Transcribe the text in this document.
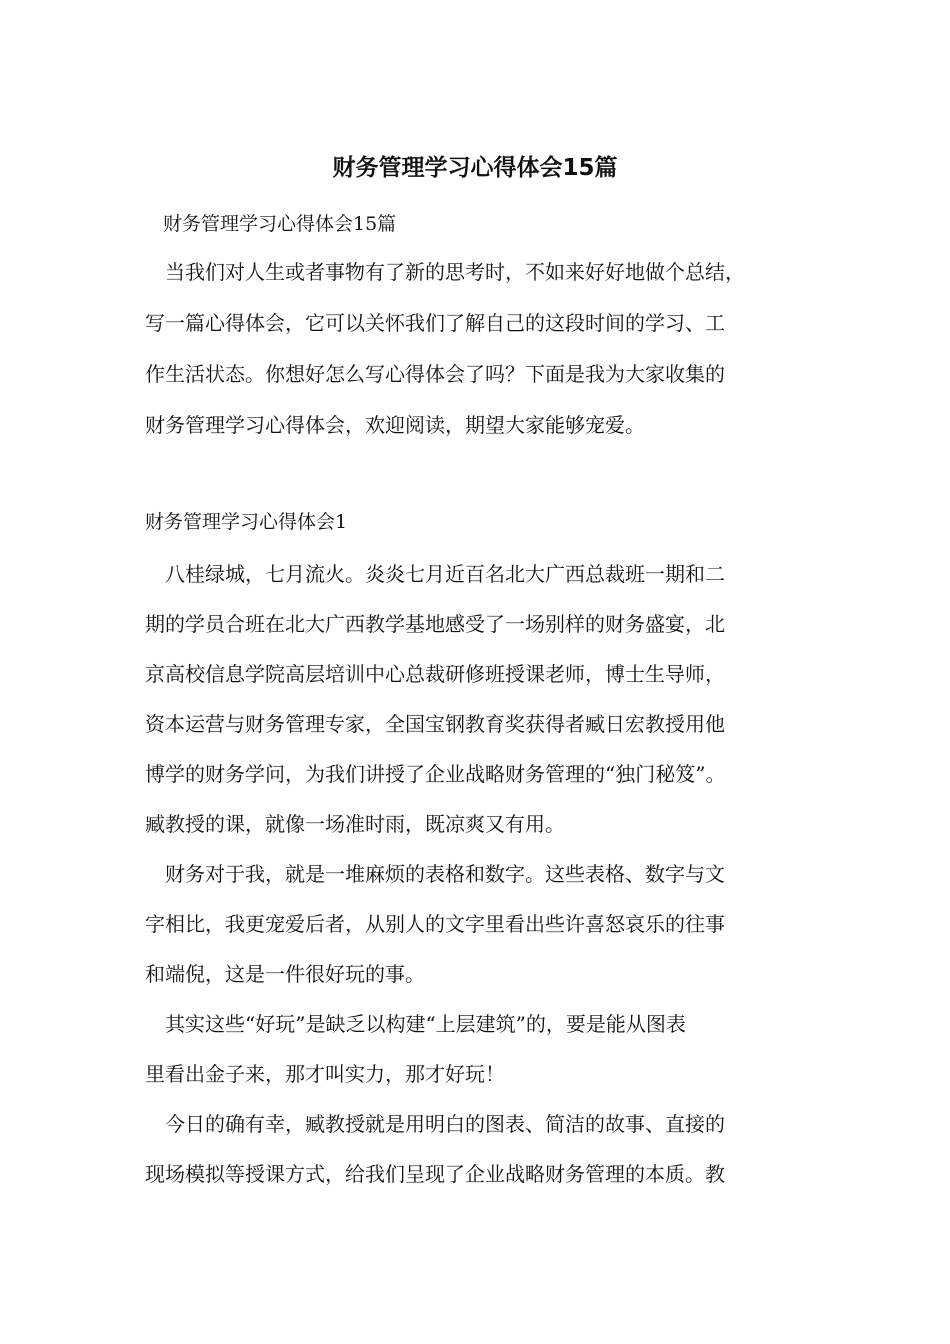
财务管理学习心得体会15篇

财务管理学习心得体会15篇

　当我们对人生或者事物有了新的思考时，不如来好好地做个总结，

写一篇心得体会，它可以关怀我们了解自己的这段时间的学习、工

作生活状态。你想好怎么写心得体会了吗？下面是我为大家收集的

财务管理学习心得体会，欢迎阅读，期望大家能够宠爱。

财务管理学习心得体会1

　八桂绿城，七月流火。炎炎七月近百名北大广西总裁班一期和二

期的学员合班在北大广西教学基地感受了一场别样的财务盛宴，北

京高校信息学院高层培训中心总裁研修班授课老师，博士生导师，

资本运营与财务管理专家，全国宝钢教育奖获得者臧日宏教授用他

博学的财务学问，为我们讲授了企业战略财务管理的“独门秘笈”。

臧教授的课，就像一场准时雨，既凉爽又有用。

　财务对于我，就是一堆麻烦的表格和数字。这些表格、数字与文

字相比，我更宠爱后者，从别人的文字里看出些许喜怒哀乐的往事

和端倪，这是一件很好玩的事。

　其实这些“好玩”是缺乏以构建“上层建筑”的，要是能从图表

里看出金子来，那才叫实力，那才好玩！

　今日的确有幸，臧教授就是用明白的图表、简洁的故事、直接的

现场模拟等授课方式，给我们呈现了企业战略财务管理的本质。教
